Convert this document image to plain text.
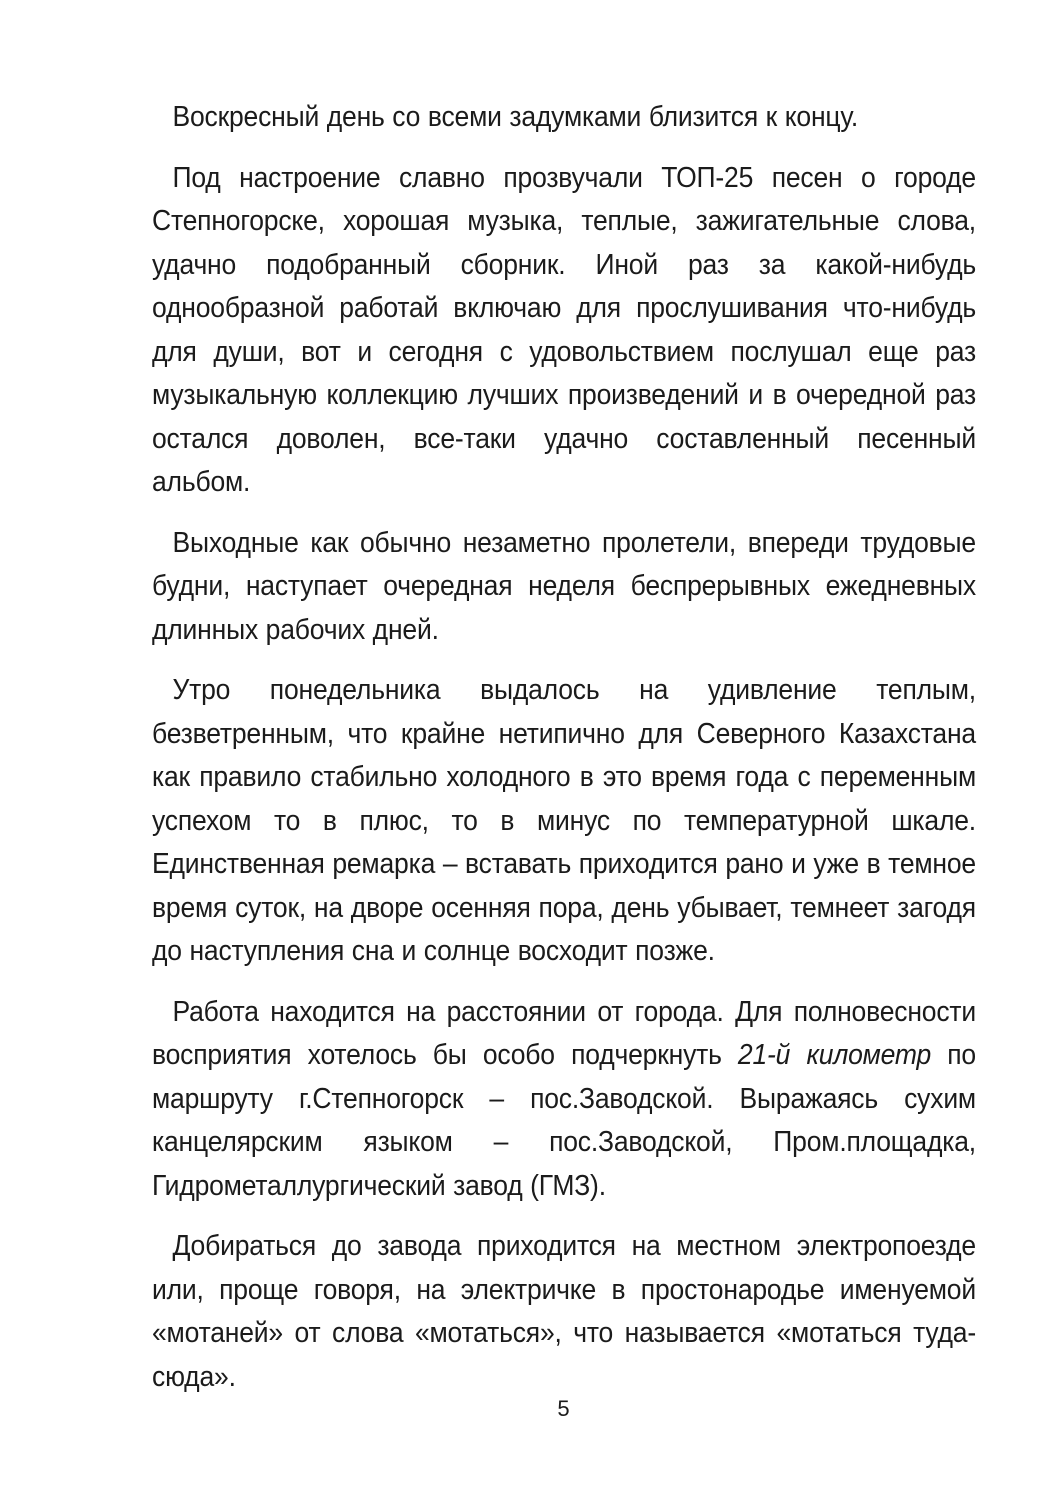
Воскресный день со всеми задумками близится к концу.

Под настроение славно прозвучали ТОП-25 песен о городе Степногорске, хорошая музыка, теплые, зажигательные слова, удачно подобранный сборник. Иной раз за какой-нибудь однообразной работай включаю для прослушивания что-нибудь для души, вот и сегодня с удовольствием послушал еще раз музыкальную коллекцию лучших произведений и в очередной раз остался доволен, все-таки удачно составленный песенный альбом.

Выходные как обычно незаметно пролетели, впереди трудовые будни, наступает очередная неделя беспрерывных ежедневных длинных рабочих дней.

Утро понедельника выдалось на удивление теплым, безветренным, что крайне нетипично для Северного Казахстана как правило стабильно холодного в это время года с переменным успехом то в плюс, то в минус по температурной шкале. Единственная ремарка – вставать приходится рано и уже в темное время суток, на дворе осенняя пора, день убывает, темнеет загодя до наступления сна и солнце восходит позже.

Работа находится на расстоянии от города. Для полновесности восприятия хотелось бы особо подчеркнуть 21-й километр по маршруту г.Степногорск – пос.Заводской. Выражаясь сухим канцелярским языком – пос.Заводской, Пром.площадка, Гидрометаллургический завод (ГМЗ).

Добираться до завода приходится на местном электропоезде или, проще говоря, на электричке в простонародье именуемой «мотаней» от слова «мотаться», что называется «мотаться туда-сюда».

5
